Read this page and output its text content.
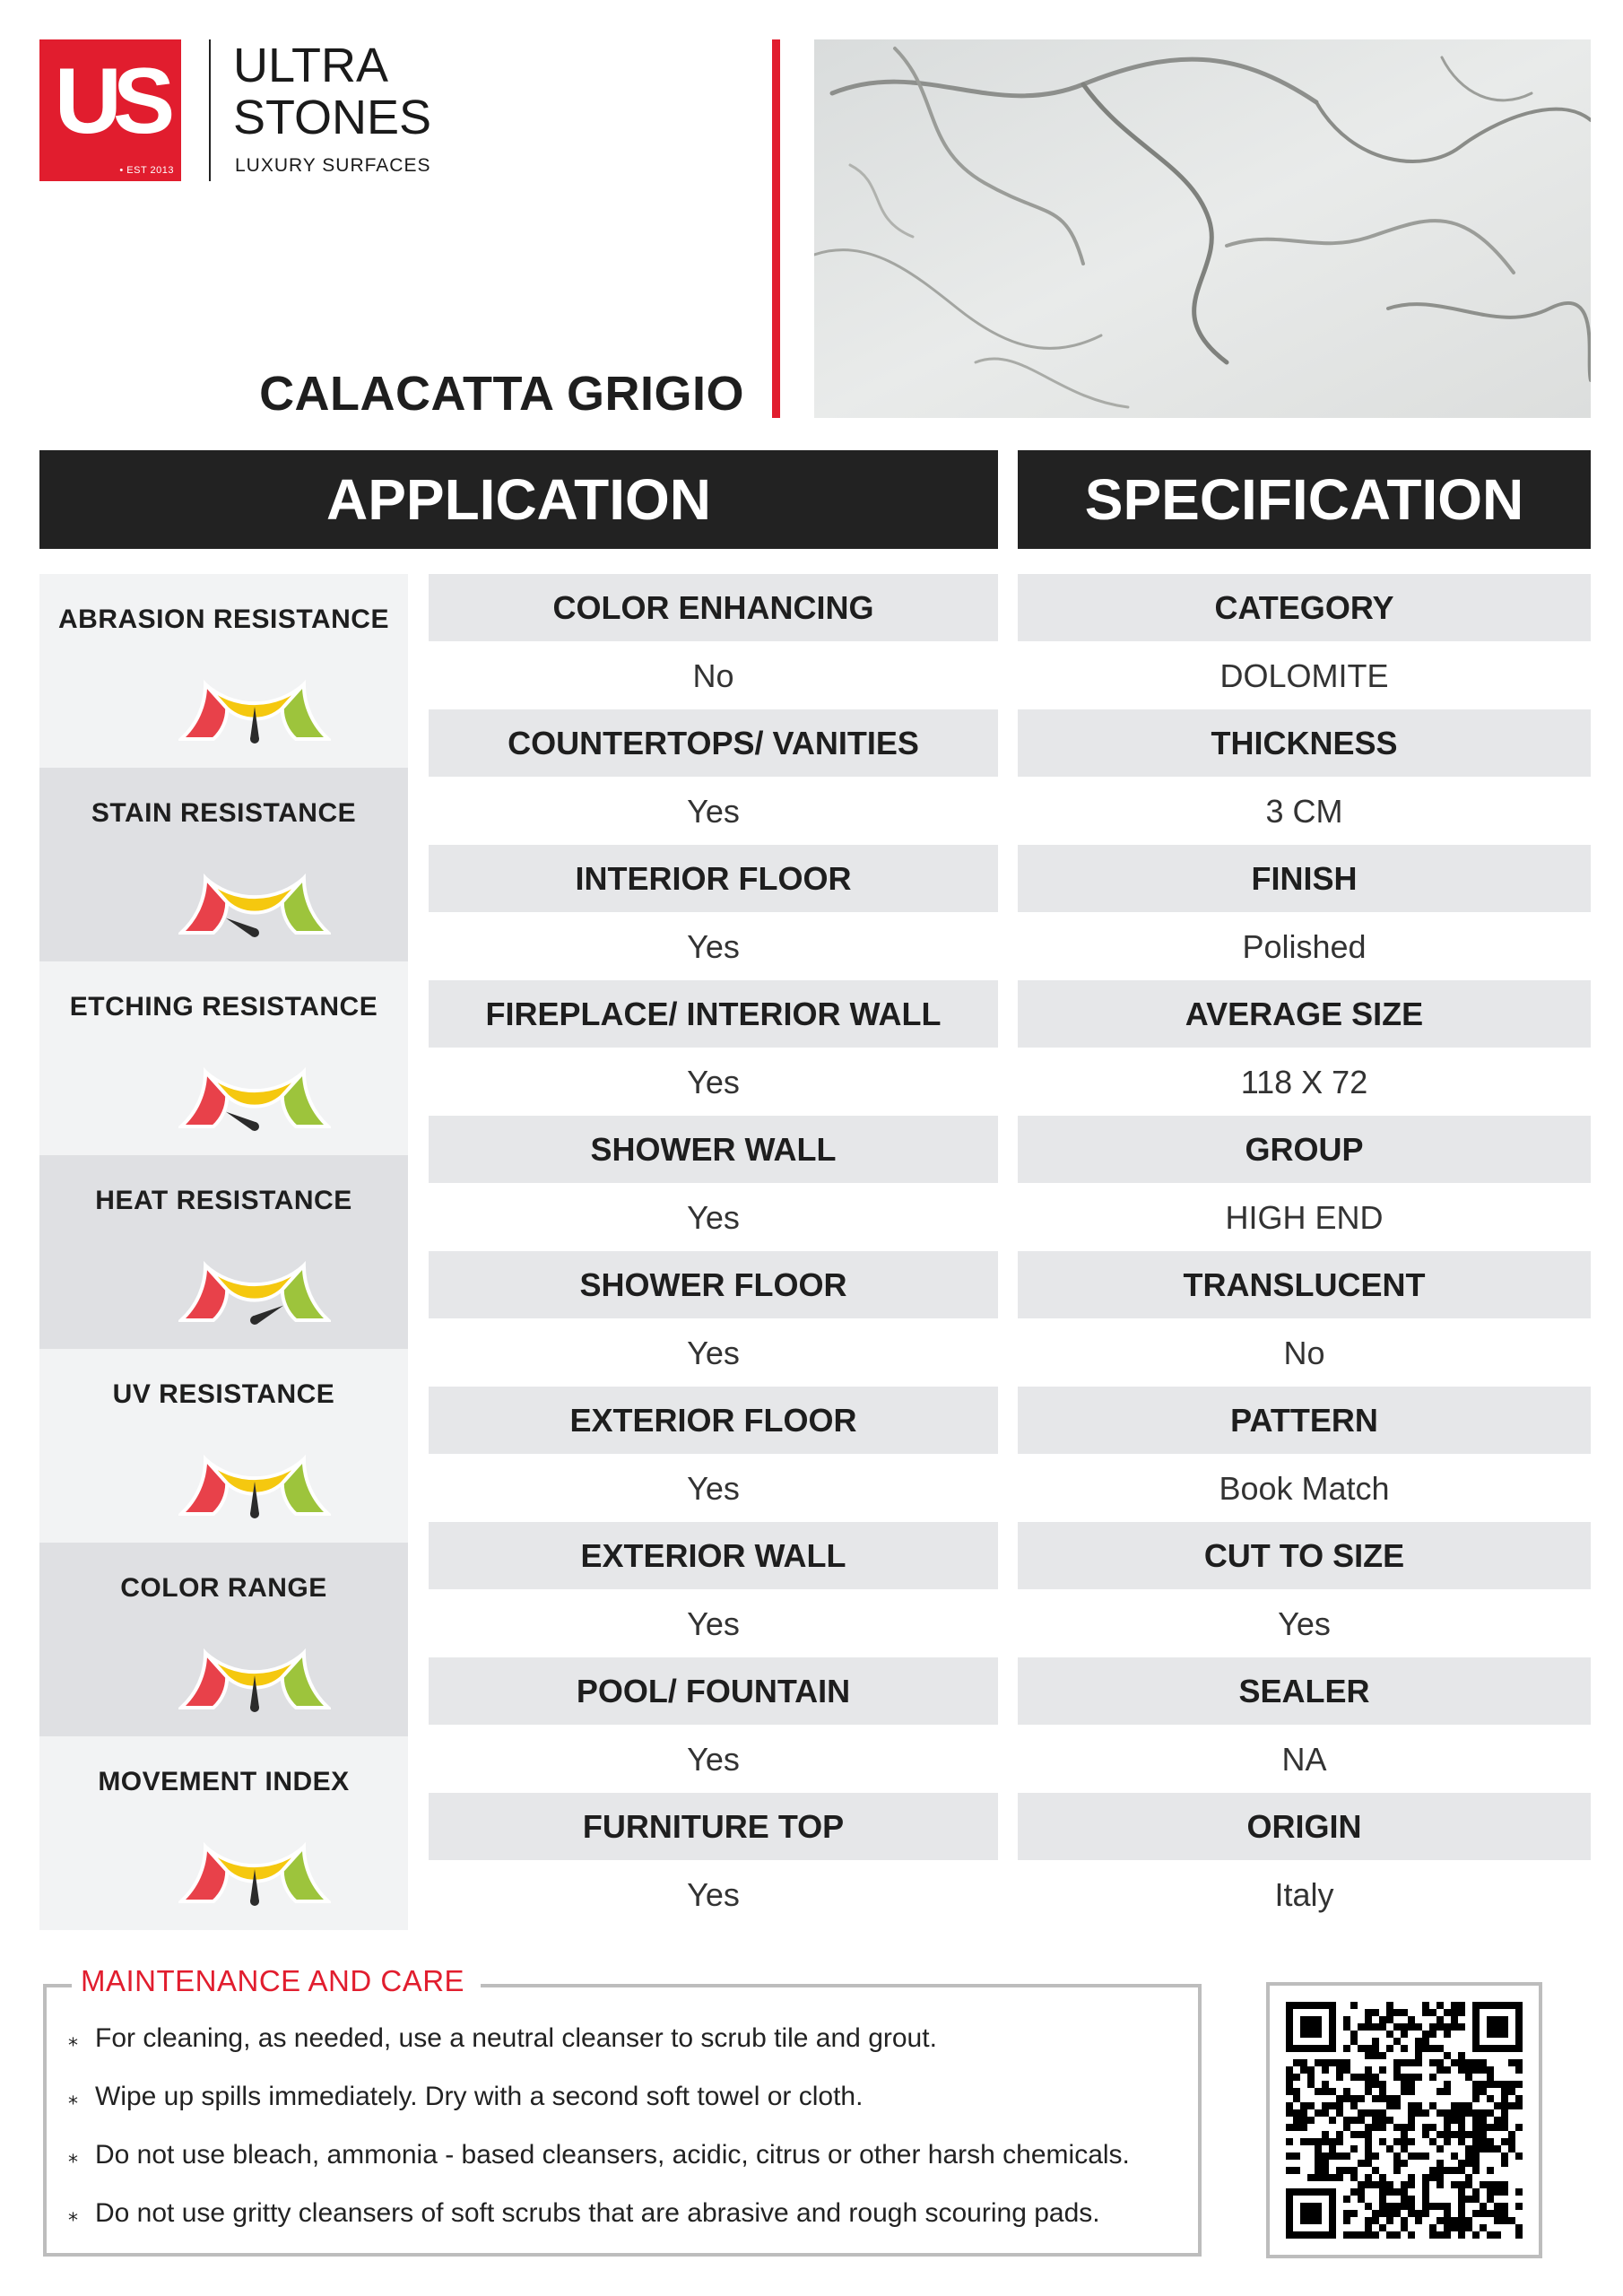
US
• EST 2013
ULTRA
STONES
LUXURY SURFACES
CALACATTA GRIGIO
APPLICATION	SPECIFICATION
ABRASION RESISTANCE
STAIN RESISTANCE
ETCHING RESISTANCE
HEAT RESISTANCE
UV RESISTANCE
COLOR RANGE
MOVEMENT INDEX
COLOR ENHANCING
No
COUNTERTOPS/ VANITIES
Yes
INTERIOR FLOOR
Yes
FIREPLACE/ INTERIOR WALL
Yes
SHOWER WALL
Yes
SHOWER FLOOR
Yes
EXTERIOR FLOOR
Yes
EXTERIOR WALL
Yes
POOL/ FOUNTAIN
Yes
FURNITURE TOP
Yes
CATEGORY
DOLOMITE
THICKNESS
3 CM
FINISH
Polished
AVERAGE SIZE
118 X 72
GROUP
HIGH END
TRANSLUCENT
No
PATTERN
Book Match
CUT TO SIZE
Yes
SEALER
NA
ORIGIN
Italy
MAINTENANCE AND CARE
⁎ For cleaning, as needed, use a neutral cleanser to scrub tile and grout.
⁎ Wipe up spills immediately. Dry with a second soft towel or cloth.
⁎ Do not use bleach, ammonia - based cleansers, acidic, citrus or other harsh chemicals.
⁎ Do not use gritty cleansers of soft scrubs that are abrasive and rough scouring pads.
